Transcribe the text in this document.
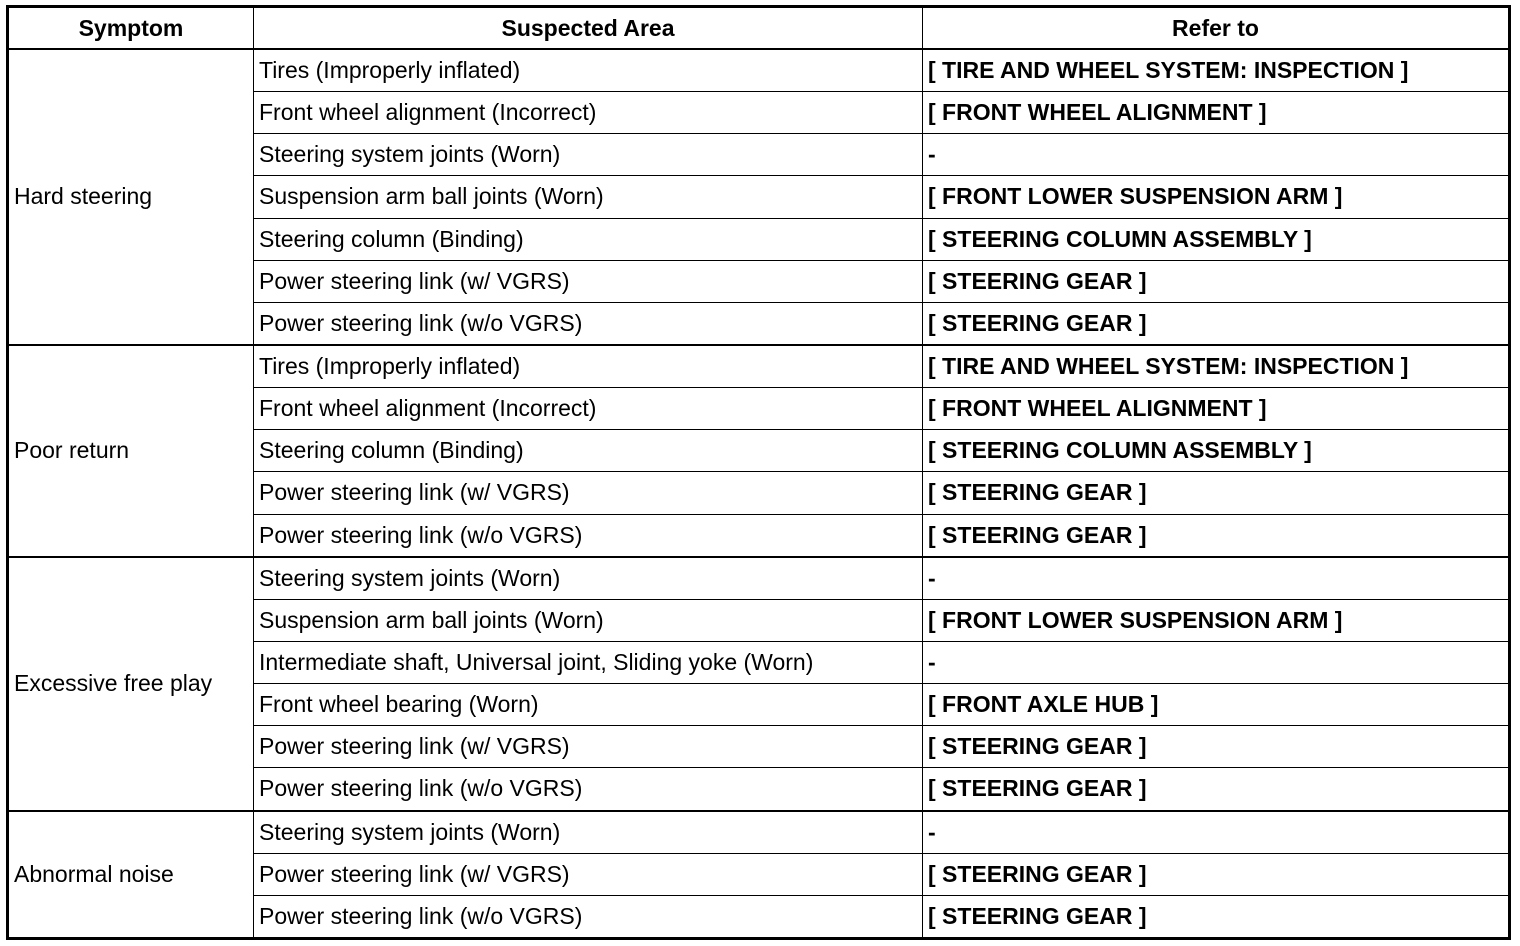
Symptom	Suspected Area	Refer to
Hard steering	Tires (Improperly inflated)	[ TIRE AND WHEEL SYSTEM: INSPECTION ]
	Front wheel alignment (Incorrect)	[ FRONT WHEEL ALIGNMENT ]
	Steering system joints (Worn)	-
	Suspension arm ball joints (Worn)	[ FRONT LOWER SUSPENSION ARM ]
	Steering column (Binding)	[ STEERING COLUMN ASSEMBLY ]
	Power steering link (w/ VGRS)	[ STEERING GEAR ]
	Power steering link (w/o VGRS)	[ STEERING GEAR ]
Poor return	Tires (Improperly inflated)	[ TIRE AND WHEEL SYSTEM: INSPECTION ]
	Front wheel alignment (Incorrect)	[ FRONT WHEEL ALIGNMENT ]
	Steering column (Binding)	[ STEERING COLUMN ASSEMBLY ]
	Power steering link (w/ VGRS)	[ STEERING GEAR ]
	Power steering link (w/o VGRS)	[ STEERING GEAR ]
Excessive free play	Steering system joints (Worn)	-
	Suspension arm ball joints (Worn)	[ FRONT LOWER SUSPENSION ARM ]
	Intermediate shaft, Universal joint, Sliding yoke (Worn)	-
	Front wheel bearing (Worn)	[ FRONT AXLE HUB ]
	Power steering link (w/ VGRS)	[ STEERING GEAR ]
	Power steering link (w/o VGRS)	[ STEERING GEAR ]
Abnormal noise	Steering system joints (Worn)	-
	Power steering link (w/ VGRS)	[ STEERING GEAR ]
	Power steering link (w/o VGRS)	[ STEERING GEAR ]
